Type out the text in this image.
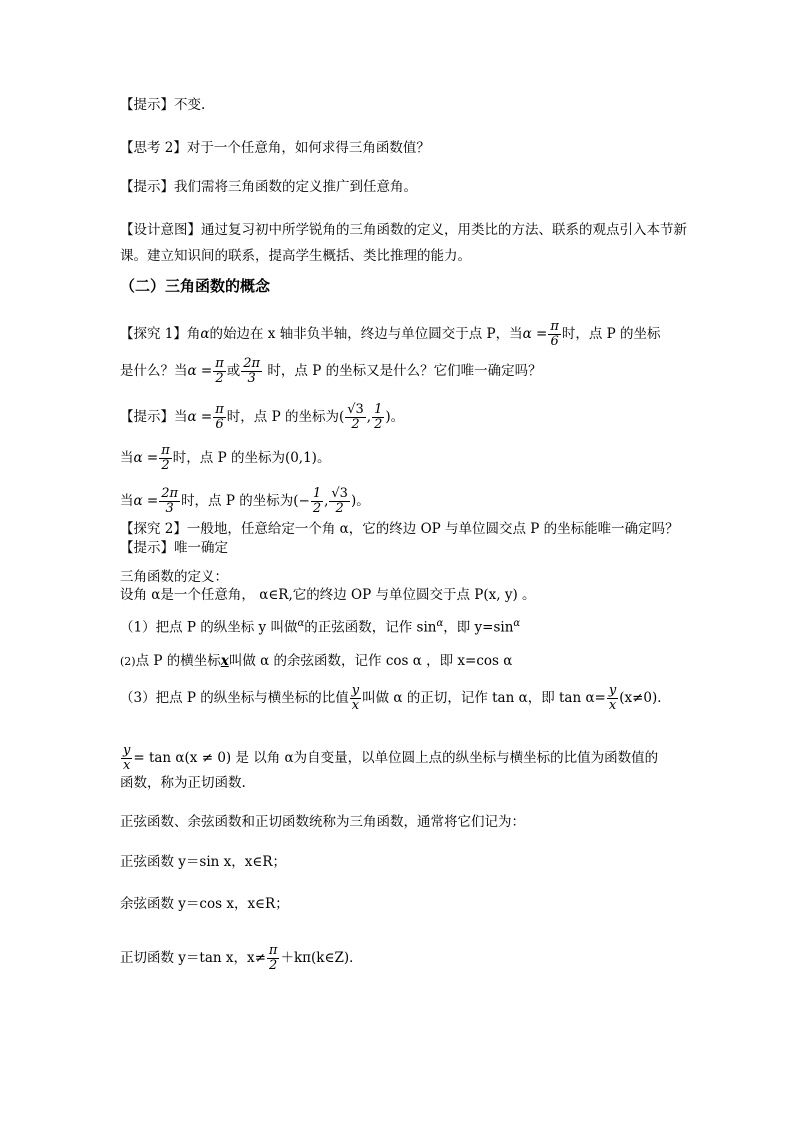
【提示】不变.
【思考 2】对于一个任意角，如何求得三角函数值？
【提示】我们需将三角函数的定义推广到任意角。
【设计意图】通过复习初中所学锐角的三角函数的定义，用类比的方法、联系的观点引入本节新课。建立知识间的联系，提高学生概括、类比推理的能力。
（二）三角函数的概念
【探究 1】角α的始边在 x 轴非负半轴，终边与单位圆交于点 P，当$\alpha = \frac{\pi}{6}$ 时，点 P 的坐标
是什么？当$\alpha = \frac{\pi}{2}$ 或 $\frac{2\pi}{3}$ 时，点 P 的坐标又是什么？它们唯一确定吗？
【提示】当$\alpha = \frac{\pi}{6}$ 时，点 P 的坐标为( $\frac{√3}{2}$ , $\frac{1}{2}$ )。
当$\alpha = \frac{\pi}{2}$ 时，点 P 的坐标为(0,1)。
当$\alpha = \frac{2\pi}{3}$ 时，点 P 的坐标为(− $\frac{1}{2}$ , $\frac{√3}{2}$ )。
【探究 2】一般地，任意给定一个角 α，它的终边 OP 与单位圆交点 P 的坐标能唯一确定吗？
【提示】唯一确定
三角函数的定义：
设角 α是一个任意角， α∈R,它的终边 OP 与单位圆交于点 P(x, y) 。
（1）把点 P 的纵坐标 y 叫做$^\alpha$的正弦函数，记作 $\sin^\alpha$，即 $y=\sin^\alpha$
(2)点 P 的横坐标x叫做 α 的余弦函数，记作 cos α ，即 x=cos α
（3）把点 P 的纵坐标与横坐标的比值 $\frac{y}{x}$ 叫做 α 的正切，记作 tan α，即 $\tan \alpha= \frac{y}{x} (x\ne 0)$．
$\frac{y}{x} = \tan \alpha(x \ne 0)$ 是 以角 α为自变量，以单位圆上点的纵坐标与横坐标的比值为函数值的
函数，称为正切函数.
正弦函数、余弦函数和正切函数统称为三角函数，通常将它们记为：
正弦函数 y＝sin x，x∈R；
余弦函数 y＝cos x，x∈R；
正切函数 y＝tan x，$x\ne \frac{\pi}{2}$ ＋kπ(k∈Z)．
